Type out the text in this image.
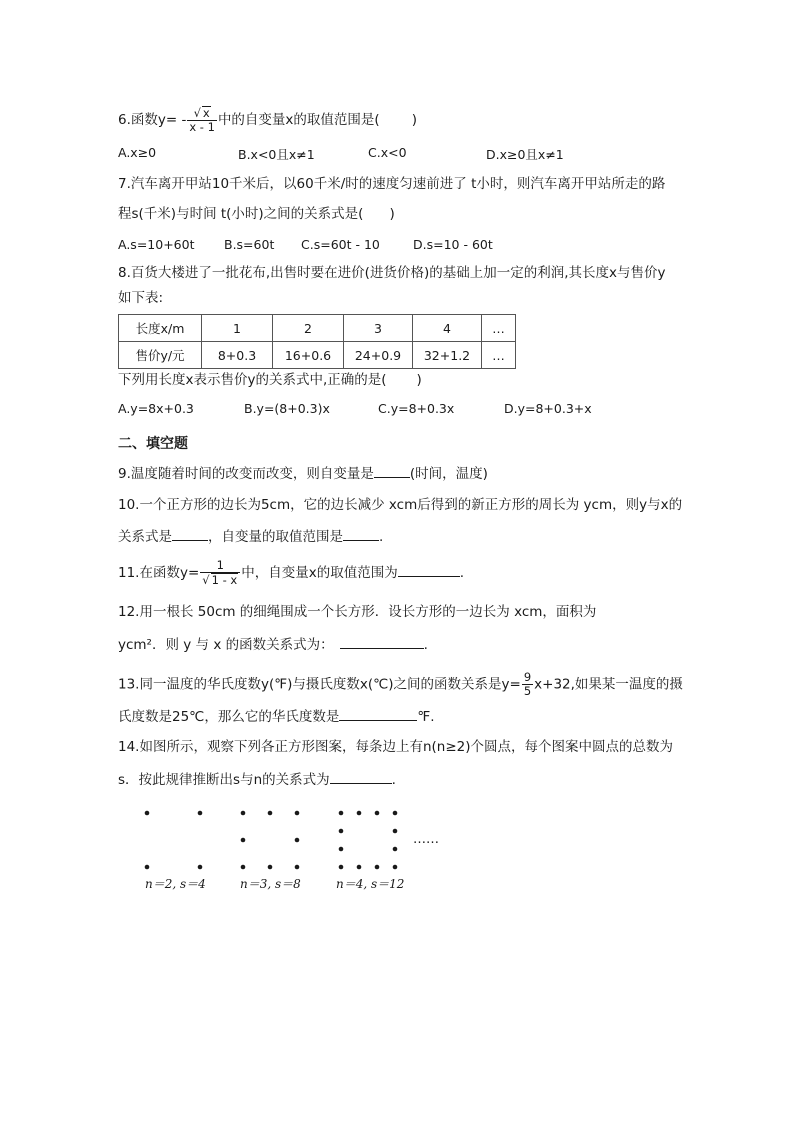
6.函数$y= - \frac{√ x}{x - 1}$ 中的自变量x的取值范围是( )
A.x≥0	B.x<0且x≠1	C.x<0	D.x≥0且x≠1
7.汽车离开甲站10千米后，以60千米/时的速度匀速前进了 t小时，则汽车离开甲站所走的路
程s(千米)与时间 t(小时)之间的关系式是( )
A.s=10+60t B.s=60t C.s=60t - 10	D.s=10 - 60t
8.百货大楼进了一批花布,出售时要在进价(进货价格)的基础上加一定的利润,其长度x与售价y
如下表:
长度x/m	1	2	3	4	…
售价y/元	8+0.3	16+0.6	24+0.9	32+1.2	…
下列用长度x表示售价y的关系式中,正确的是( )
A.y=8x+0.3	B.y=(8+0.3)x	C.y=8+0.3x	D.y=8+0.3+x
二、填空题
9.温度随着时间的改变而改变，则自变量是	(时间，温度)
10.一个正方形的边长为5cm，它的边长减少 xcm后得到的新正方形的周长为 ycm，则y与x的
关系式是	，自变量的取值范围是	.
11.在函数$y= \frac{1}{√ 1 - x}$ 中，自变量x的取值范围为	.
12.用一根长 50cm 的细绳围成一个长方形．设长方形的一边长为 xcm，面积为
ycm²．则 y 与 x 的函数关系式为：	.
13.同一温度的华氏度数y(℉)与摄氏度数x(℃)之间的函数关系是$y= \frac{9}{5} x+32$,如果某一温度的摄
氏度数是25℃，那么它的华氏度数是	℉.
14.如图所示，观察下列各正方形图案，每条边上有n(n≥2)个圆点，每个图案中圆点的总数为
s．按此规律推断出s与n的关系式为	.
……
n＝2, s＝4	n＝3, s＝8	n＝4, s＝12
